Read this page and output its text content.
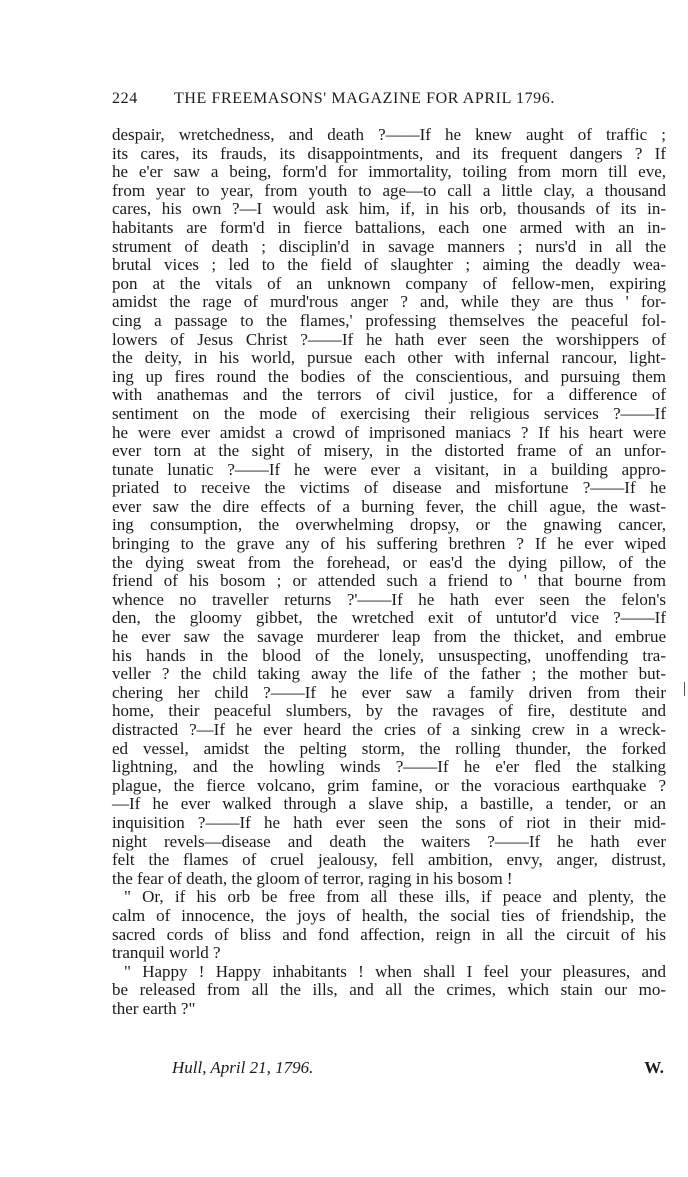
224 THE FREEMASONS' MAGAZINE FOR APRIL 1796.
despair, wretchedness, and death ?——If he knew aught of traffic ;
its cares, its frauds, its disappointments, and its frequent dangers ? If
he e'er saw a being, form'd for immortality, toiling from morn till eve,
from year to year, from youth to age—to call a little clay, a thousand
cares, his own ?—I would ask him, if, in his orb, thousands of its in-
habitants are form'd in fierce battalions, each one armed with an in-
strument of death ; disciplin'd in savage manners ; nurs'd in all the
brutal vices ; led to the field of slaughter ; aiming the deadly wea-
pon at the vitals of an unknown company of fellow-men, expiring
amidst the rage of murd'rous anger ? and, while they are thus ' for-
cing a passage to the flames,' professing themselves the peaceful fol-
lowers of Jesus Christ ?——If he hath ever seen the worshippers of
the deity, in his world, pursue each other with infernal rancour, light-
ing up fires round the bodies of the conscientious, and pursuing them
with anathemas and the terrors of civil justice, for a difference of
sentiment on the mode of exercising their religious services ?——If
he were ever amidst a crowd of imprisoned maniacs ? If his heart were
ever torn at the sight of misery, in the distorted frame of an unfor-
tunate lunatic ?——If he were ever a visitant, in a building appro-
priated to receive the victims of disease and misfortune ?——If he
ever saw the dire effects of a burning fever, the chill ague, the wast-
ing consumption, the overwhelming dropsy, or the gnawing cancer,
bringing to the grave any of his suffering brethren ? If he ever wiped
the dying sweat from the forehead, or eas'd the dying pillow, of the
friend of his bosom ; or attended such a friend to ' that bourne from
whence no traveller returns ?'——If he hath ever seen the felon's
den, the gloomy gibbet, the wretched exit of untutor'd vice ?——If
he ever saw the savage murderer leap from the thicket, and embrue
his hands in the blood of the lonely, unsuspecting, unoffending tra-
veller ? the child taking away the life of the father ; the mother but-
chering her child ?——If he ever saw a family driven from their
home, their peaceful slumbers, by the ravages of fire, destitute and
distracted ?—If he ever heard the cries of a sinking crew in a wreck-
ed vessel, amidst the pelting storm, the rolling thunder, the forked
lightning, and the howling winds ?——If he e'er fled the stalking
plague, the fierce volcano, grim famine, or the voracious earthquake ?
—If he ever walked through a slave ship, a bastille, a tender, or an
inquisition ?——If he hath ever seen the sons of riot in their mid-
night revels—disease and death the waiters ?——If he hath ever
felt the flames of cruel jealousy, fell ambition, envy, anger, distrust,
the fear of death, the gloom of terror, raging in his bosom !
" Or, if his orb be free from all these ills, if peace and plenty, the
calm of innocence, the joys of health, the social ties of friendship, the
sacred cords of bliss and fond affection, reign in all the circuit of his
tranquil world ?
" Happy ! Happy inhabitants ! when shall I feel your pleasures, and
be released from all the ills, and all the crimes, which stain our mo-
ther earth ?"
Hull, April 21, 1796.	W.
